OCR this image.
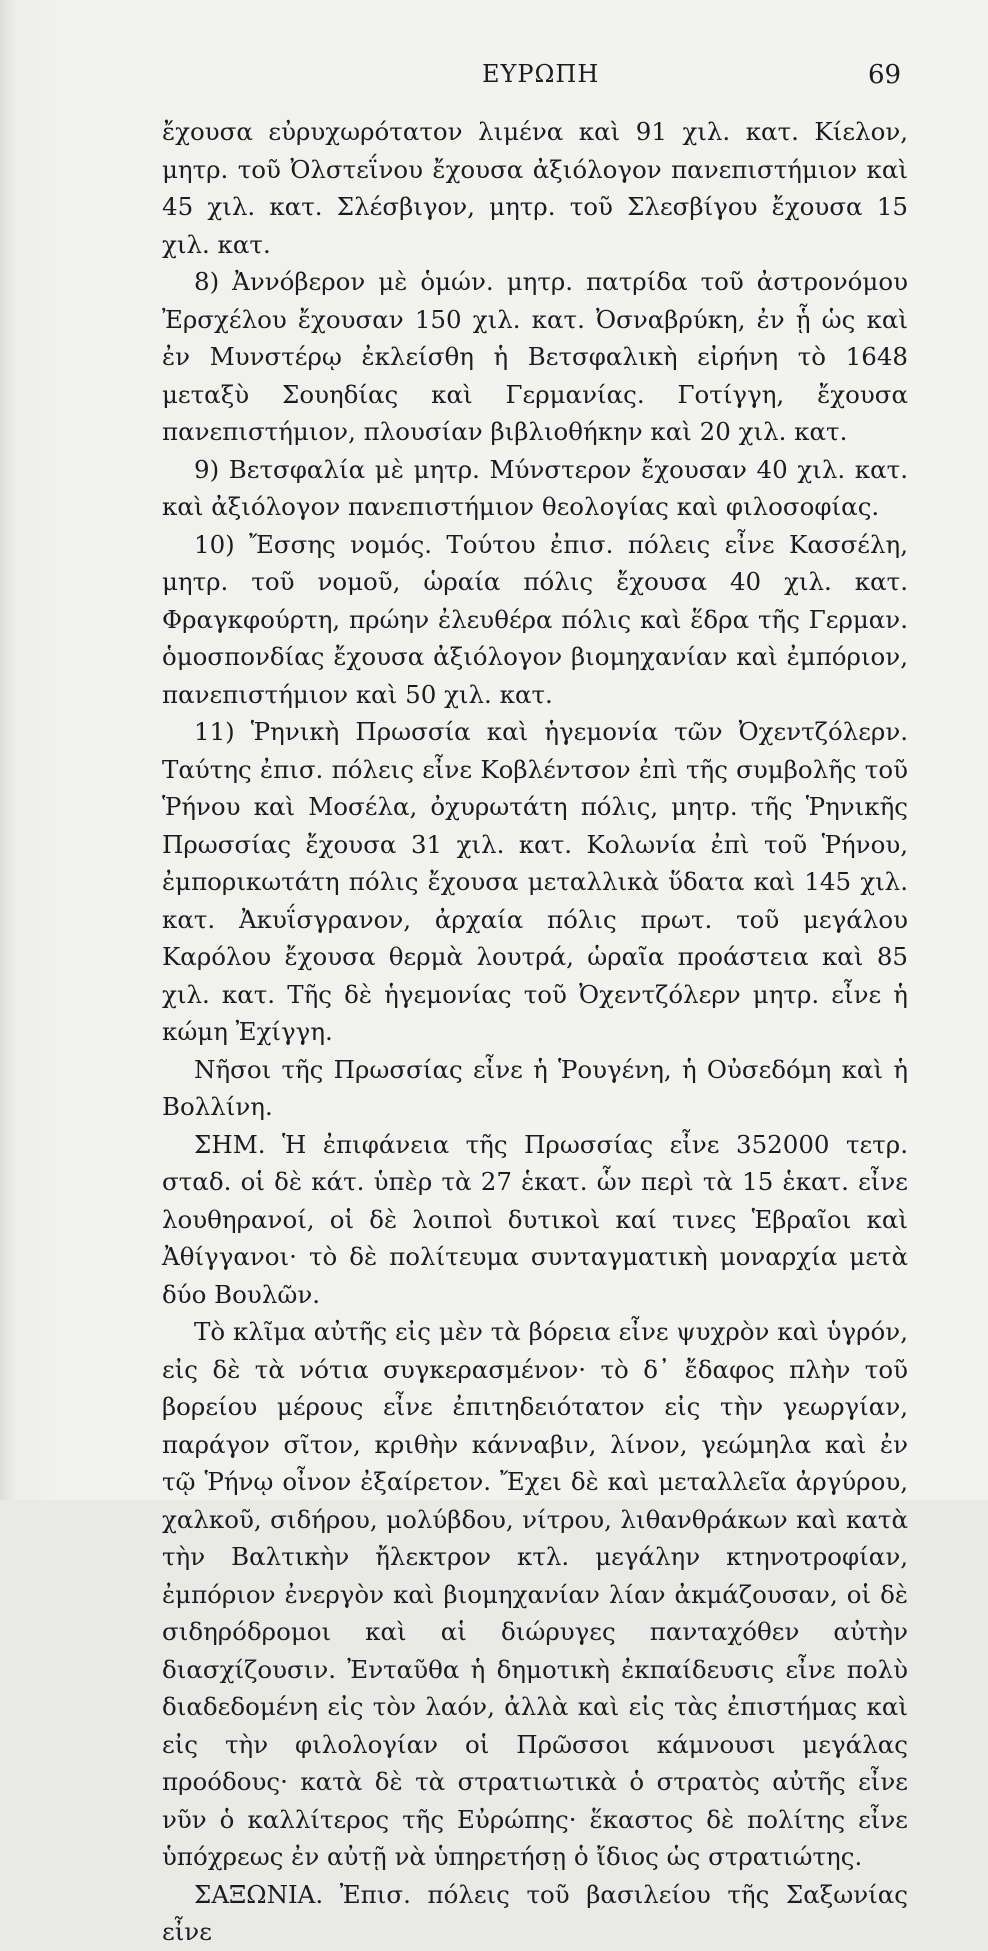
ΕΥΡΩΠΗ	69

ἔχουσα εὐρυχωρότατον λιμένα καὶ 91 χιλ. κατ. Κίελον, μητρ. τοῦ Ὀλστεΐνου ἔχουσα ἀξιόλογον πανεπιστήμιον καὶ 45 χιλ. κατ. Σλέσβιγον, μητρ. τοῦ Σλεσβίγου ἔχουσα 15 χιλ. κατ.

8) Ἀννόβερον μὲ ὁμών. μητρ. πατρίδα τοῦ ἀστρονόμου Ἐρσχέλου ἔχουσαν 150 χιλ. κατ. Ὀσναβρύκη, ἐν ᾗ ὡς καὶ ἐν Μυνστέρῳ ἐκλείσθη ἡ Βετσφαλικὴ εἰρήνη τὸ 1648 μεταξὺ Σουηδίας καὶ Γερμανίας. Γοτίγγη, ἔχουσα πανεπιστήμιον, πλουσίαν βιβλιοθήκην καὶ 20 χιλ. κατ.

9) Βετσφαλία μὲ μητρ. Μύνστερον ἔχουσαν 40 χιλ. κατ. καὶ ἀξιόλογον πανεπιστήμιον θεολογίας καὶ φιλοσοφίας.

10) Ἔσσης νομός. Τούτου ἐπισ. πόλεις εἶνε Κασσέλη, μητρ. τοῦ νομοῦ, ὡραία πόλις ἔχουσα 40 χιλ. κατ. Φραγκφούρτη, πρώην ἐλευθέρα πόλις καὶ ἕδρα τῆς Γερμαν. ὁμοσπονδίας ἔχουσα ἀξιόλογον βιομηχανίαν καὶ ἐμπόριον, πανεπιστήμιον καὶ 50 χιλ. κατ.

11) Ῥηνικὴ Πρωσσία καὶ ἡγεμονία τῶν Ὀχεντζόλερν. Ταύτης ἐπισ. πόλεις εἶνε Κοβλέντσον ἐπὶ τῆς συμβολῆς τοῦ Ῥήνου καὶ Μοσέλα, ὀχυρωτάτη πόλις, μητρ. τῆς Ῥηνικῆς Πρωσσίας ἔχουσα 31 χιλ. κατ. Κολωνία ἐπὶ τοῦ Ῥήνου, ἐμπορικωτάτη πόλις ἔχουσα μεταλλικὰ ὕδατα καὶ 145 χιλ. κατ. Ἀκυΐσγρανον, ἀρχαία πόλις πρωτ. τοῦ μεγάλου Καρόλου ἔχουσα θερμὰ λουτρά, ὡραῖα προάστεια καὶ 85 χιλ. κατ. Τῆς δὲ ἡγεμονίας τοῦ Ὀχεντζόλερν μητρ. εἶνε ἡ κώμη Ἐχίγγη.

Νῆσοι τῆς Πρωσσίας εἶνε ἡ Ῥουγένη, ἡ Οὐσεδόμη καὶ ἡ Βολλίνη.

ΣΗΜ. Ἡ ἐπιφάνεια τῆς Πρωσσίας εἶνε 352000 τετρ. σταδ. οἱ δὲ κάτ. ὑπὲρ τὰ 27 ἑκατ. ὧν περὶ τὰ 15 ἑκατ. εἶνε λουθηρανοί, οἱ δὲ λοιποὶ δυτικοὶ καί τινες Ἑβραῖοι καὶ Ἀθίγγανοι· τὸ δὲ πολίτευμα συνταγματικὴ μοναρχία μετὰ δύο Βουλῶν.

Τὸ κλῖμα αὐτῆς εἰς μὲν τὰ βόρεια εἶνε ψυχρὸν καὶ ὑγρόν, εἰς δὲ τὰ νότια συγκερασμένον· τὸ δ᾽ ἔδαφος πλὴν τοῦ βορείου μέρους εἶνε ἐπιτηδειότατον εἰς τὴν γεωργίαν, παράγον σῖτον, κριθὴν κάνναβιν, λίνον, γεώμηλα καὶ ἐν τῷ Ῥήνῳ οἶνον ἐξαίρετον. Ἔχει δὲ καὶ μεταλλεῖα ἀργύρου, χαλκοῦ, σιδήρου, μολύβδου, νίτρου, λιθανθράκων καὶ κατὰ τὴν Βαλτικὴν ἤλεκτρον κτλ. μεγάλην κτηνοτροφίαν, ἐμπόριον ἐνεργὸν καὶ βιομηχανίαν λίαν ἀκμάζουσαν, οἱ δὲ σιδηρόδρομοι καὶ αἱ διώρυγες πανταχόθεν αὐτὴν διασχίζουσιν. Ἐνταῦθα ἡ δημοτικὴ ἐκπαίδευσις εἶνε πολὺ διαδεδομένη εἰς τὸν λαόν, ἀλλὰ καὶ εἰς τὰς ἐπιστήμας καὶ εἰς τὴν φιλολογίαν οἱ Πρῶσσοι κάμνουσι μεγάλας προόδους· κατὰ δὲ τὰ στρατιωτικὰ ὁ στρατὸς αὐτῆς εἶνε νῦν ὁ καλλίτερος τῆς Εὐρώπης· ἕκαστος δὲ πολίτης εἶνε ὑπόχρεως ἐν αὐτῇ νὰ ὑπηρετήσῃ ὁ ἴδιος ὡς στρατιώτης.

ΣΑΞΩΝΙΑ. Ἐπισ. πόλεις τοῦ βασιλείου τῆς Σαξωνίας εἶνε
